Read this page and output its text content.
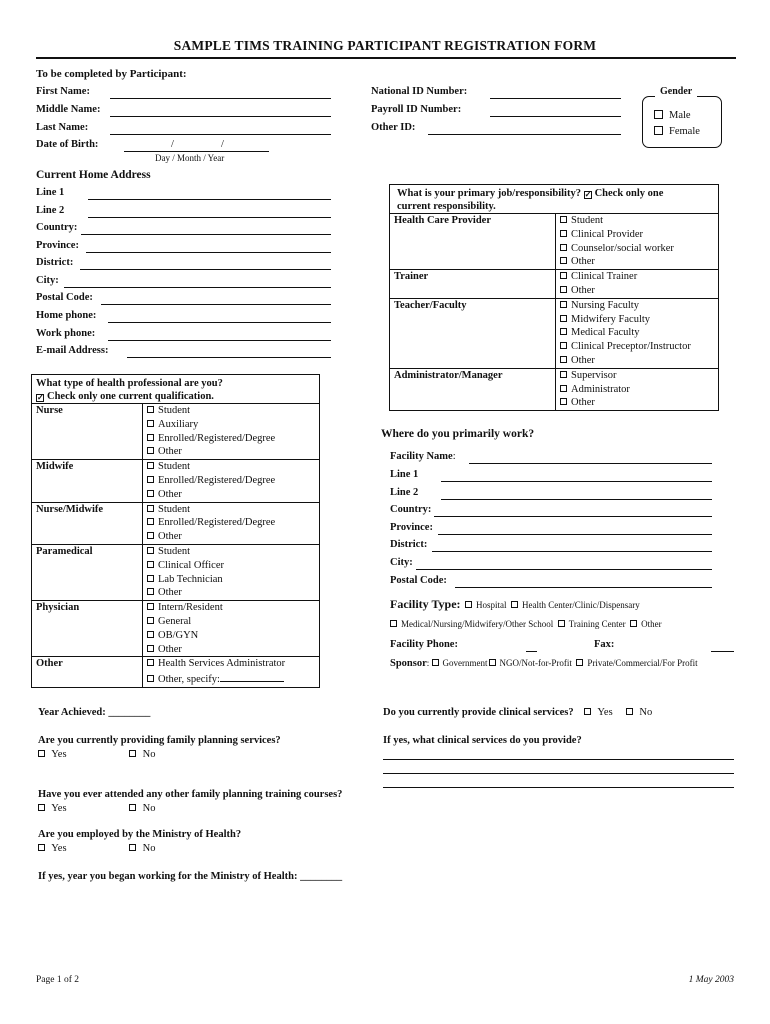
SAMPLE TIMS TRAINING PARTICIPANT REGISTRATION FORM
To be completed by Participant:
First Name:
Middle Name:
Last Name:
Date of Birth:	/	/
Day / Month / Year
National ID Number:
Payroll ID Number:
Other ID:
Gender
Male
Female
Current Home Address
Line 1
Line 2
Country:
Province:
District:
City:
Postal Code:
Home phone:
Work phone:
E-mail Address:
What type of health professional are you?
✓ Check only one current qualification.	

Nurse	Student
Auxiliary
Enrolled/Registered/Degree
Other

Midwife	Student
Enrolled/Registered/Degree
Other

Nurse/Midwife	Student
Enrolled/Registered/Degree
Other

Paramedical	Student
Clinical Officer
Lab Technician
Other

Physician	Intern/Resident
General
OB/GYN
Other

Other	Health Services Administrator
Other, specify:
What is your primary job/responsibility? ✓ Check only one
current responsibility.	

Health Care Provider	Student
Clinical Provider
Counselor/social worker
Other

Trainer	Clinical Trainer
Other

Teacher/Faculty	Nursing Faculty
Midwifery Faculty
Medical Faculty
Clinical Preceptor/Instructor
Other

Administrator/Manager	Supervisor
Administrator
Other
Where do you primarily work?
Facility Name:
Line 1
Line 2
Country:
Province:
District:
City:
Postal Code:
Facility Type: Hospital Health Center/Clinic/Dispensary
Medical/Nursing/Midwifery/Other School Training Center Other
Facility Phone:	Fax:
Sponsor: Government NGO/Not-for-Profit Private/Commercial/For Profit
Year Achieved: ________
Are you currently providing family planning services?
Yes	No
Have you ever attended any other family planning training courses?
Yes	No
Are you employed by the Ministry of Health?
Yes	No
If yes, year you began working for the Ministry of Health: ________
Do you currently provide clinical services? Yes	No
If yes, what clinical services do you provide?
Page 1 of 2	1 May 2003
